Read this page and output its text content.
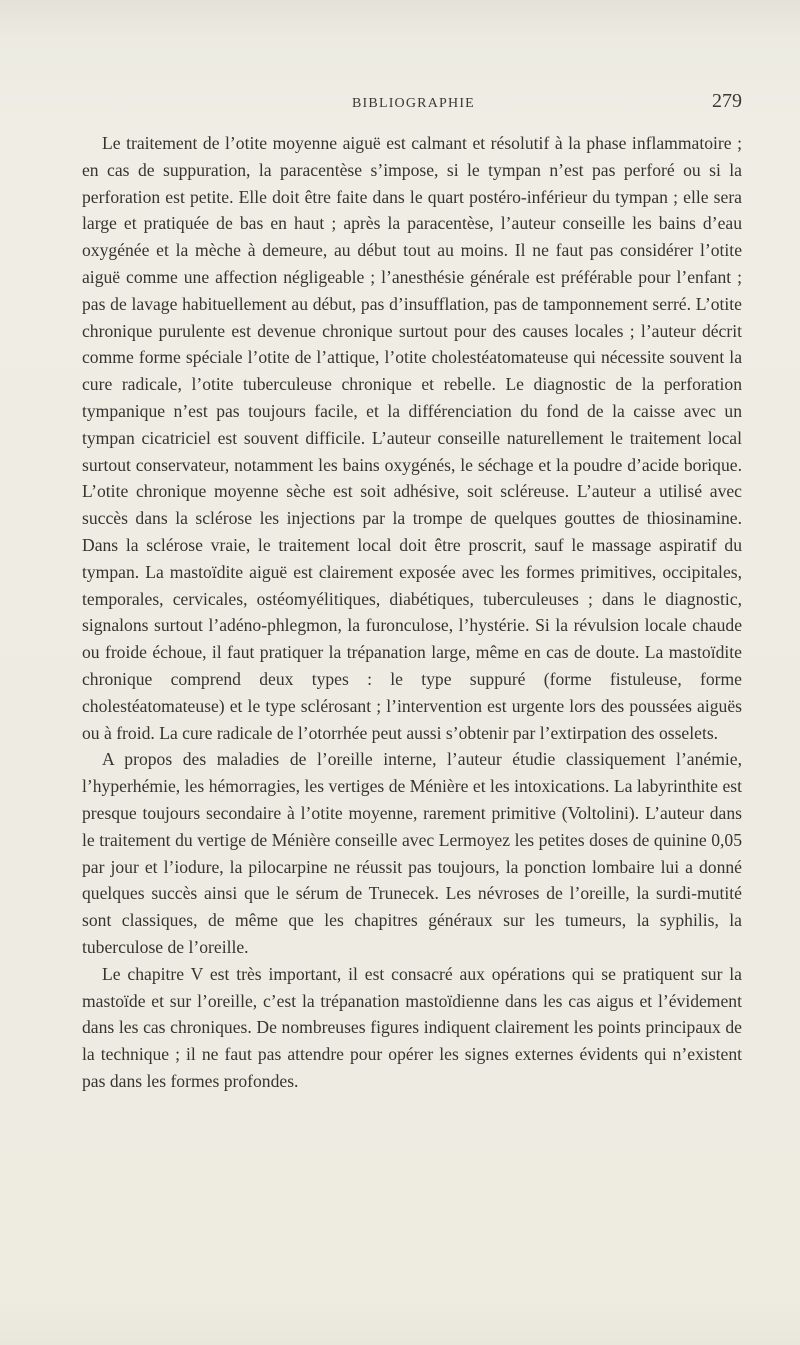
BIBLIOGRAPHIE	279

Le traitement de l’otite moyenne aiguë est calmant et résolutif à la phase inflammatoire ; en cas de suppuration, la paracentèse s’impose, si le tympan n’est pas perforé ou si la perforation est petite. Elle doit être faite dans le quart postéro-inférieur du tympan ; elle sera large et pratiquée de bas en haut ; après la paracentèse, l’auteur conseille les bains d’eau oxygénée et la mèche à demeure, au début tout au moins. Il ne faut pas considérer l’otite aiguë comme une affection négligeable ; l’anesthésie générale est préférable pour l’enfant ; pas de lavage habituellement au début, pas d’insufflation, pas de tamponnement serré. L’otite chronique purulente est devenue chronique surtout pour des causes locales ; l’auteur décrit comme forme spéciale l’otite de l’attique, l’otite cholestéatomateuse qui nécessite souvent la cure radicale, l’otite tuberculeuse chronique et rebelle. Le diagnostic de la perforation tympanique n’est pas toujours facile, et la différenciation du fond de la caisse avec un tympan cicatriciel est souvent difficile. L’auteur conseille naturellement le traitement local surtout conservateur, notamment les bains oxygénés, le séchage et la poudre d’acide borique. L’otite chronique moyenne sèche est soit adhésive, soit scléreuse. L’auteur a utilisé avec succès dans la sclérose les injections par la trompe de quelques gouttes de thiosinamine. Dans la sclérose vraie, le traitement local doit être proscrit, sauf le massage aspiratif du tympan. La mastoïdite aiguë est clairement exposée avec les formes primitives, occipitales, temporales, cervicales, ostéomyélitiques, diabétiques, tuberculeuses ; dans le diagnostic, signalons surtout l’adéno-phlegmon, la furonculose, l’hystérie. Si la révulsion locale chaude ou froide échoue, il faut pratiquer la trépanation large, même en cas de doute. La mastoïdite chronique comprend deux types : le type suppuré (forme fistuleuse, forme cholestéatomateuse) et le type sclérosant ; l’intervention est urgente lors des poussées aiguës ou à froid. La cure radicale de l’otorrhée peut aussi s’obtenir par l’extirpation des osselets.

A propos des maladies de l’oreille interne, l’auteur étudie classiquement l’anémie, l’hyperhémie, les hémorragies, les vertiges de Ménière et les intoxications. La labyrinthite est presque toujours secondaire à l’otite moyenne, rarement primitive (Voltolini). L’auteur dans le traitement du vertige de Ménière conseille avec Lermoyez les petites doses de quinine 0,05 par jour et l’iodure, la pilocarpine ne réussit pas toujours, la ponction lombaire lui a donné quelques succès ainsi que le sérum de Trunecek. Les névroses de l’oreille, la surdi-mutité sont classiques, de même que les chapitres généraux sur les tumeurs, la syphilis, la tuberculose de l’oreille.

Le chapitre V est très important, il est consacré aux opérations qui se pratiquent sur la mastoïde et sur l’oreille, c’est la trépanation mastoïdienne dans les cas aigus et l’évidement dans les cas chroniques. De nombreuses figures indiquent clairement les points principaux de la technique ; il ne faut pas attendre pour opérer les signes externes évidents qui n’existent pas dans les formes profondes.
